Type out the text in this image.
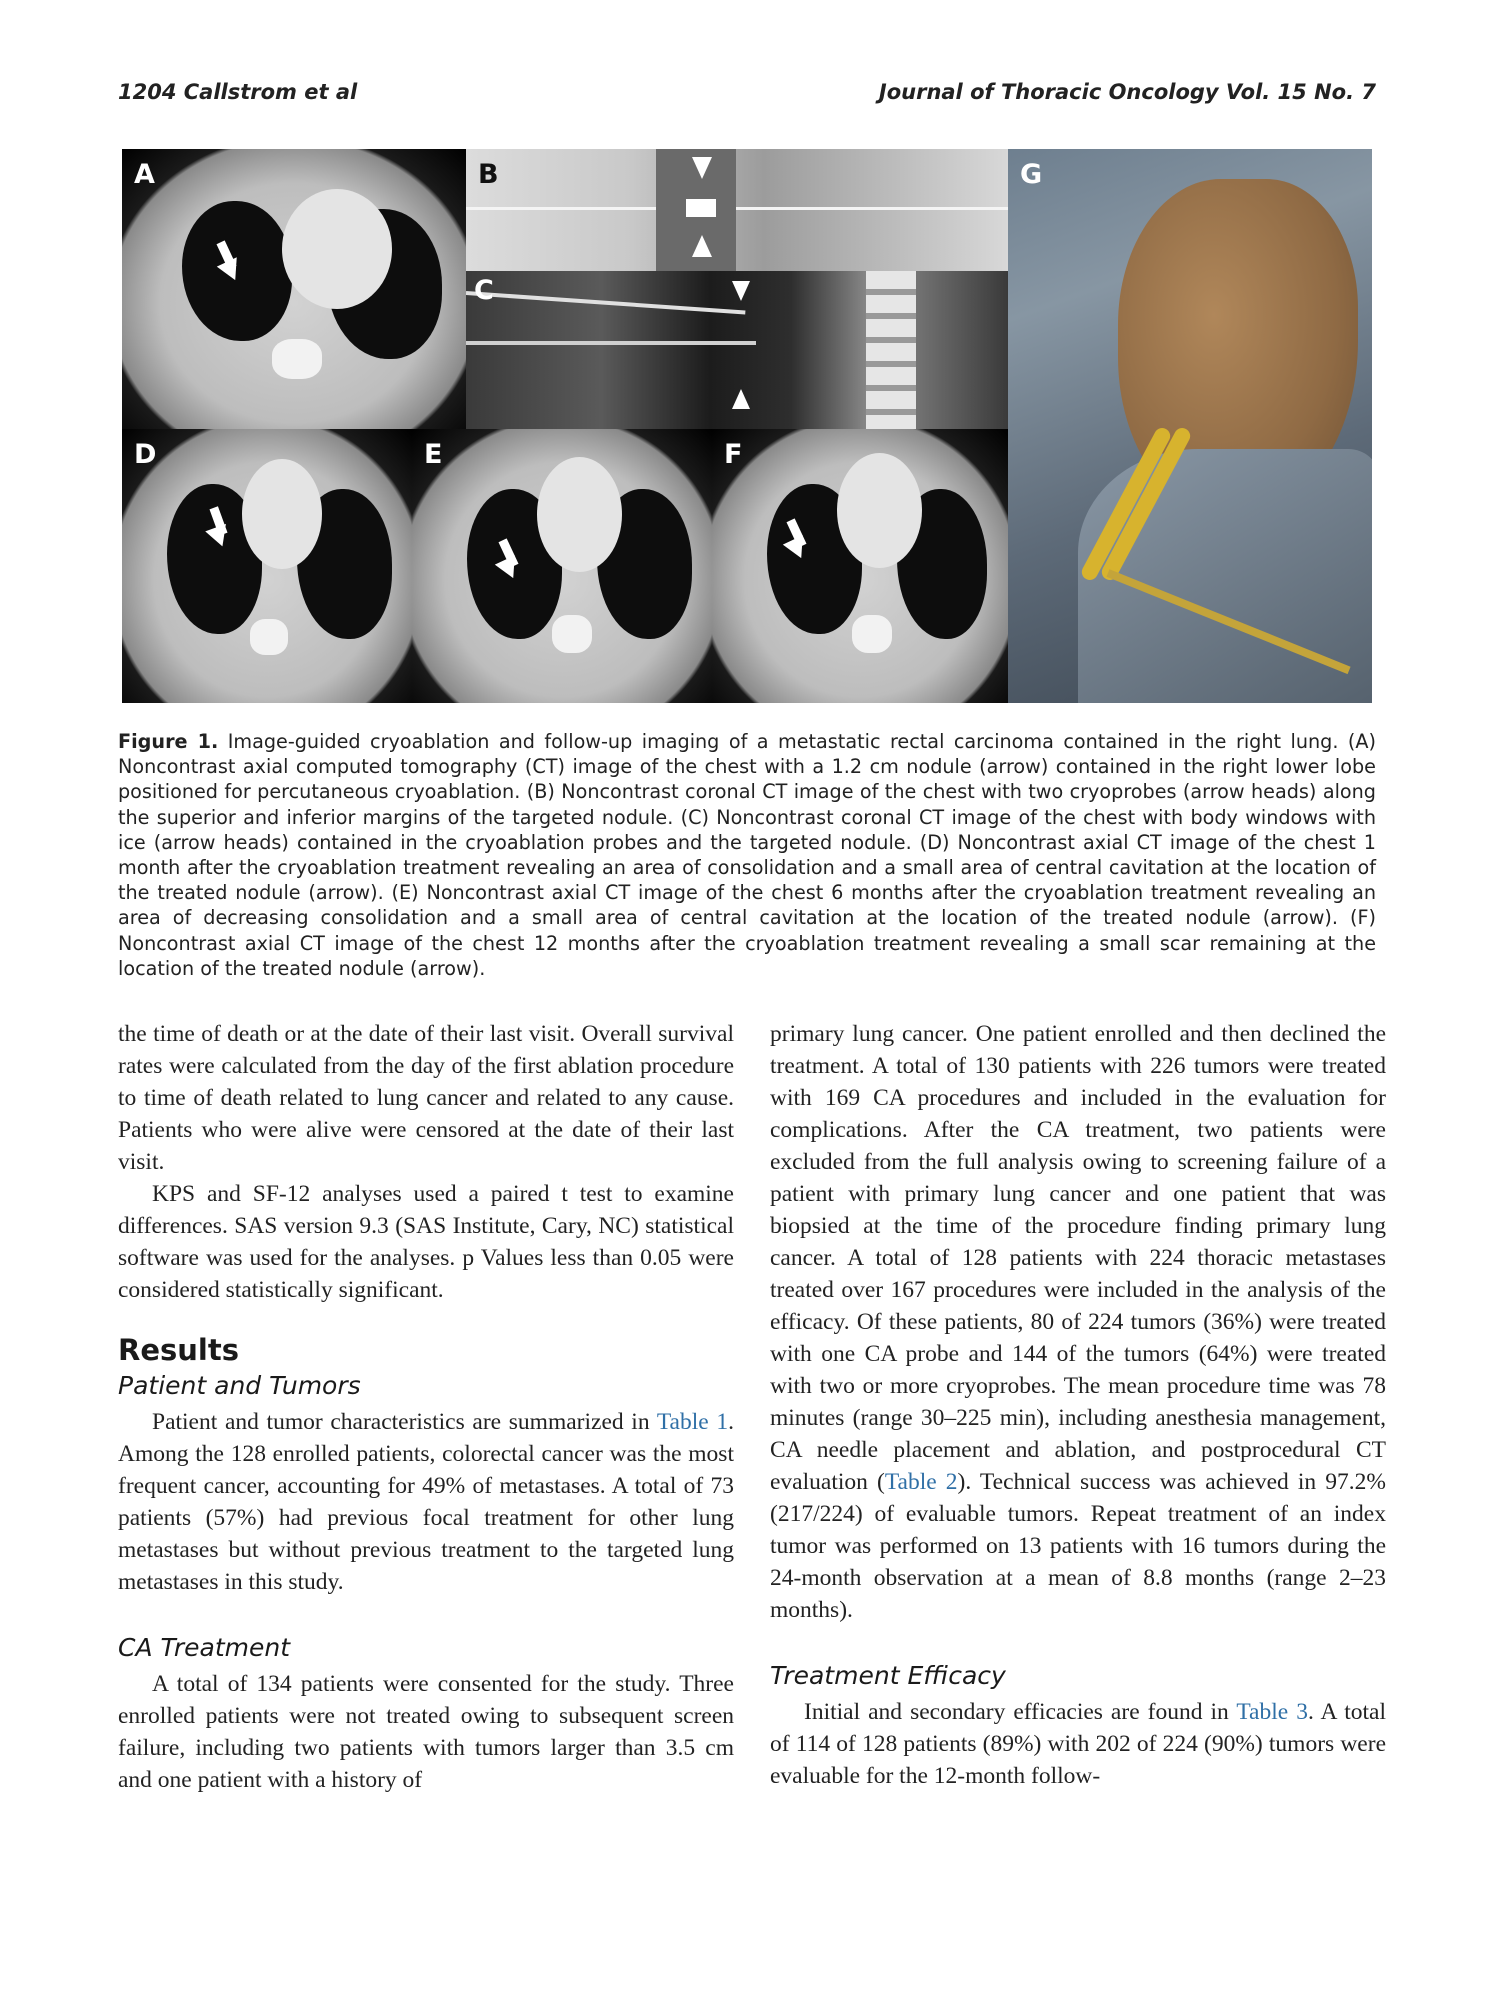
1204 Callstrom et al	Journal of Thoracic Oncology Vol. 15 No. 7
A	B
C
D	E	F
G

Figure 1. Image-guided cryoablation and follow-up imaging of a metastatic rectal carcinoma contained in the right lung. (A) Noncontrast axial computed tomography (CT) image of the chest with a 1.2 cm nodule (arrow) contained in the right lower lobe positioned for percutaneous cryoablation. (B) Noncontrast coronal CT image of the chest with two cryoprobes (arrow heads) along the superior and inferior margins of the targeted nodule. (C) Noncontrast coronal CT image of the chest with body windows with ice (arrow heads) contained in the cryoablation probes and the targeted nodule. (D) Noncontrast axial CT image of the chest 1 month after the cryoablation treatment revealing an area of consolidation and a small area of central cavitation at the location of the treated nodule (arrow). (E) Noncontrast axial CT image of the chest 6 months after the cryoablation treatment revealing an area of decreasing consolidation and a small area of central cavitation at the location of the treated nodule (arrow). (F) Noncontrast axial CT image of the chest 12 months after the cryoablation treatment revealing a small scar remaining at the location of the treated nodule (arrow).

the time of death or at the date of their last visit. Overall survival rates were calculated from the day of the first ablation procedure to time of death related to lung cancer and related to any cause. Patients who were alive were censored at the date of their last visit.

KPS and SF-12 analyses used a paired t test to examine differences. SAS version 9.3 (SAS Institute, Cary, NC) statistical software was used for the analyses. p Values less than 0.05 were considered statistically significant.

Results
Patient and Tumors

Patient and tumor characteristics are summarized in Table 1. Among the 128 enrolled patients, colorectal cancer was the most frequent cancer, accounting for 49% of metastases. A total of 73 patients (57%) had previous focal treatment for other lung metastases but without previous treatment to the targeted lung metastases in this study.

CA Treatment

A total of 134 patients were consented for the study. Three enrolled patients were not treated owing to subsequent screen failure, including two patients with tumors larger than 3.5 cm and one patient with a history of

primary lung cancer. One patient enrolled and then declined the treatment. A total of 130 patients with 226 tumors were treated with 169 CA procedures and included in the evaluation for complications. After the CA treatment, two patients were excluded from the full analysis owing to screening failure of a patient with primary lung cancer and one patient that was biopsied at the time of the procedure finding primary lung cancer. A total of 128 patients with 224 thoracic metastases treated over 167 procedures were included in the analysis of the efficacy. Of these patients, 80 of 224 tumors (36%) were treated with one CA probe and 144 of the tumors (64%) were treated with two or more cryoprobes. The mean procedure time was 78 minutes (range 30–225 min), including anesthesia management, CA needle placement and ablation, and postprocedural CT evaluation (Table 2). Technical success was achieved in 97.2% (217/224) of evaluable tumors. Repeat treatment of an index tumor was performed on 13 patients with 16 tumors during the 24-month observation at a mean of 8.8 months (range 2–23 months).

Treatment Efficacy

Initial and secondary efficacies are found in Table 3. A total of 114 of 128 patients (89%) with 202 of 224 (90%) tumors were evaluable for the 12-month follow-
